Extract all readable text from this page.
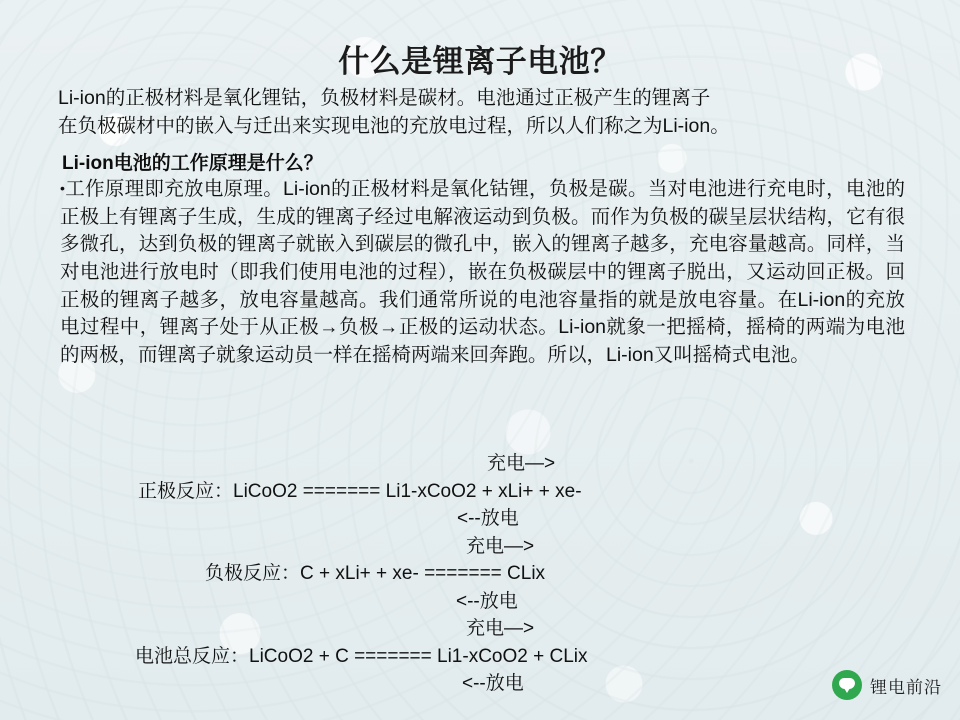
什么是锂离子电池？
Li-ion的正极材料是氧化锂钴，负极材料是碳材。电池通过正极产生的锂离子
在负极碳材中的嵌入与迁出来实现电池的充放电过程，所以人们称之为Li-ion。
Li-ion电池的工作原理是什么？
•工作原理即充放电原理。Li-ion的正极材料是氧化钴锂，负极是碳。当对电池进行充电时，电池的正极上有锂离子生成，生成的锂离子经过电解液运动到负极。而作为负极的碳呈层状结构，它有很多微孔，达到负极的锂离子就嵌入到碳层的微孔中，嵌入的锂离子越多，充电容量越高。同样，当对电池进行放电时（即我们使用电池的过程），嵌在负极碳层中的锂离子脱出，又运动回正极。回正极的锂离子越多，放电容量越高。我们通常所说的电池容量指的就是放电容量。在Li-ion的充放电过程中，锂离子处于从正极→负极→正极的运动状态。Li-ion就象一把摇椅，摇椅的两端为电池的两极，而锂离子就象运动员一样在摇椅两端来回奔跑。所以，Li-ion又叫摇椅式电池。
充电—>
正极反应：LiCoO2 ======= Li1-xCoO2 + xLi+ + xe-
<--放电
充电—>
负极反应：C + xLi+ + xe- ======= CLix
<--放电
充电—>
电池总反应：LiCoO2 + C ======= Li1-xCoO2 + CLix
<--放电	锂电前沿
